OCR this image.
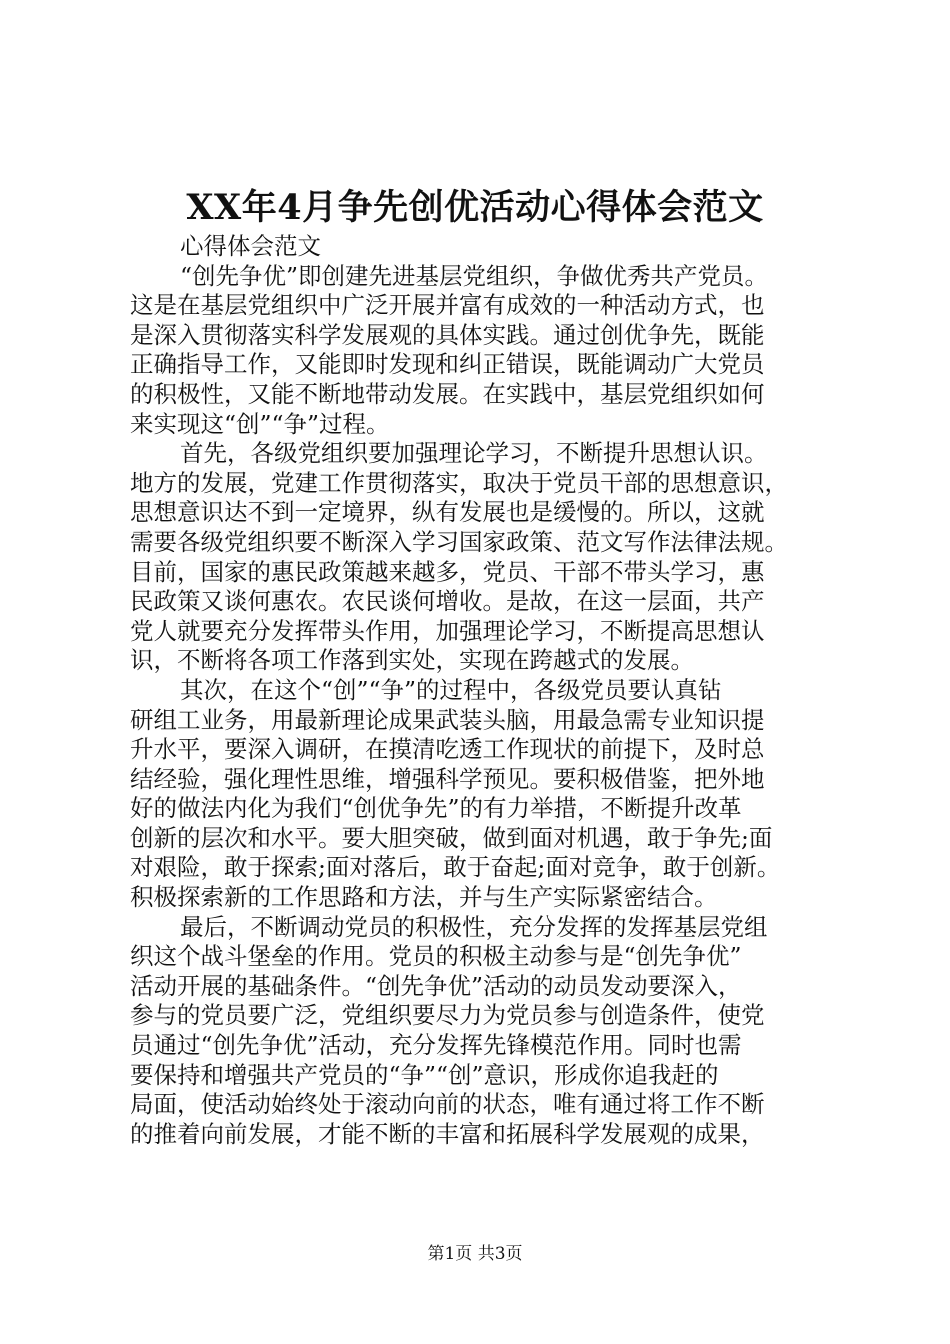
XX年4月争先创优活动心得体会范文
心得体会范文
“创先争优”即创建先进基层党组织，争做优秀共产党员。
这是在基层党组织中广泛开展并富有成效的一种活动方式，也
是深入贯彻落实科学发展观的具体实践。通过创优争先，既能
正确指导工作，又能即时发现和纠正错误，既能调动广大党员
的积极性，又能不断地带动发展。在实践中，基层党组织如何
来实现这“创”“争”过程。
首先，各级党组织要加强理论学习，不断提升思想认识。
地方的发展，党建工作贯彻落实，取决于党员干部的思想意识，
思想意识达不到一定境界，纵有发展也是缓慢的。所以，这就
需要各级党组织要不断深入学习国家政策、范文写作法律法规。
目前，国家的惠民政策越来越多，党员、干部不带头学习，惠
民政策又谈何惠农。农民谈何增收。是故，在这一层面，共产
党人就要充分发挥带头作用，加强理论学习，不断提高思想认
识，不断将各项工作落到实处，实现在跨越式的发展。
其次，在这个“创”“争”的过程中，各级党员要认真钻
研组工业务，用最新理论成果武装头脑，用最急需专业知识提
升水平，要深入调研，在摸清吃透工作现状的前提下，及时总
结经验，强化理性思维，增强科学预见。要积极借鉴，把外地
好的做法内化为我们“创优争先”的有力举措，不断提升改革
创新的层次和水平。要大胆突破，做到面对机遇，敢于争先;面
对艰险，敢于探索;面对落后，敢于奋起;面对竞争，敢于创新。
积极探索新的工作思路和方法，并与生产实际紧密结合。
最后，不断调动党员的积极性，充分发挥的发挥基层党组
织这个战斗堡垒的作用。党员的积极主动参与是“创先争优”
活动开展的基础条件。“创先争优”活动的动员发动要深入，
参与的党员要广泛，党组织要尽力为党员参与创造条件，使党
员通过“创先争优”活动，充分发挥先锋模范作用。同时也需
要保持和增强共产党员的“争”“创”意识，形成你追我赶的
局面，使活动始终处于滚动向前的状态，唯有通过将工作不断
的推着向前发展，才能不断的丰富和拓展科学发展观的成果，
第1页 共3页
